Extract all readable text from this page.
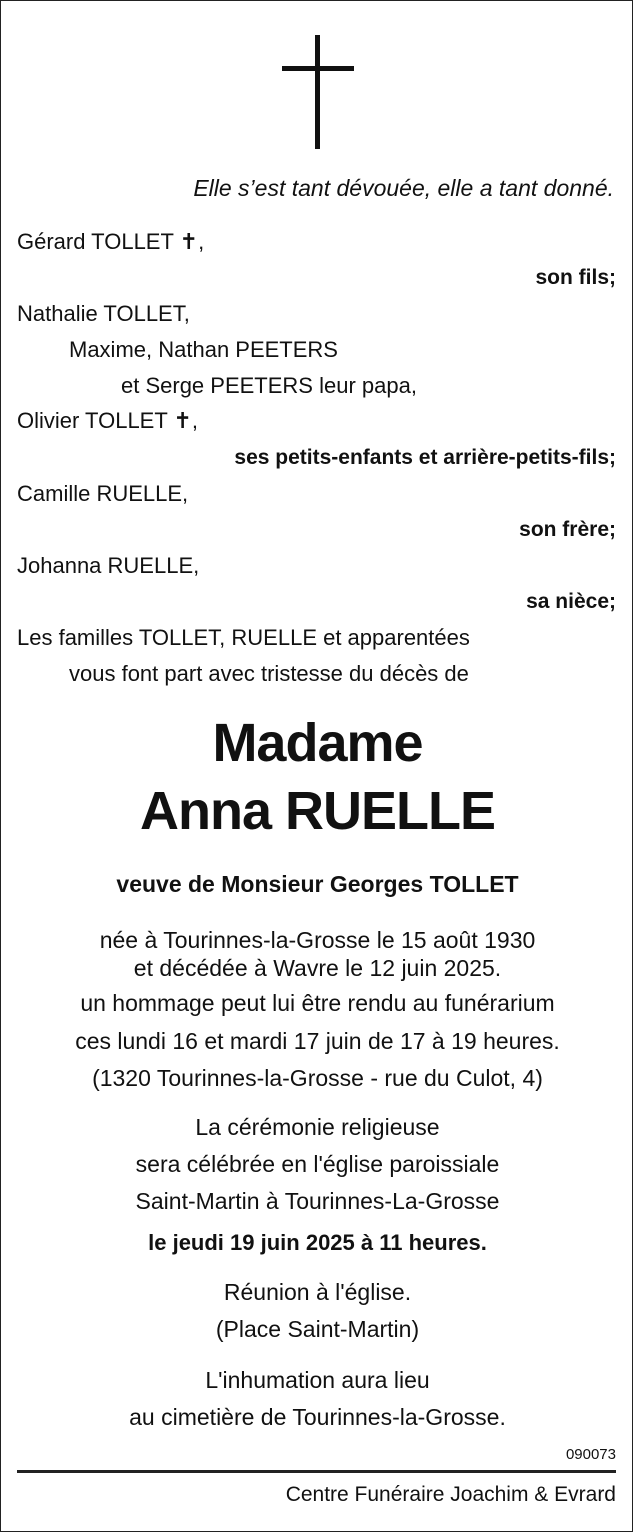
Elle s’est tant dévouée, elle a tant donné.
Gérard TOLLET ✝,
son fils;
Nathalie TOLLET,
Maxime, Nathan PEETERS
et Serge PEETERS leur papa,
Olivier TOLLET ✝,
ses petits-enfants et arrière-petits-fils;
Camille RUELLE,
son frère;
Johanna RUELLE,
sa nièce;
Les familles TOLLET, RUELLE et apparentées
vous font part avec tristesse du décès de
Madame
Anna RUELLE
veuve de Monsieur Georges TOLLET
née à Tourinnes-la-Grosse le 15 août 1930
et décédée à Wavre le 12 juin 2025.
un hommage peut lui être rendu au funérarium
ces lundi 16 et mardi 17 juin de 17 à 19 heures.
(1320 Tourinnes-la-Grosse - rue du Culot, 4)
La cérémonie religieuse
sera célébrée en l'église paroissiale
Saint-Martin à Tourinnes-La-Grosse
le jeudi 19 juin 2025 à 11 heures.
Réunion à l'église.
(Place Saint-Martin)
L'inhumation aura lieu
au cimetière de Tourinnes-la-Grosse.
090073
Centre Funéraire Joachim & Evrard
